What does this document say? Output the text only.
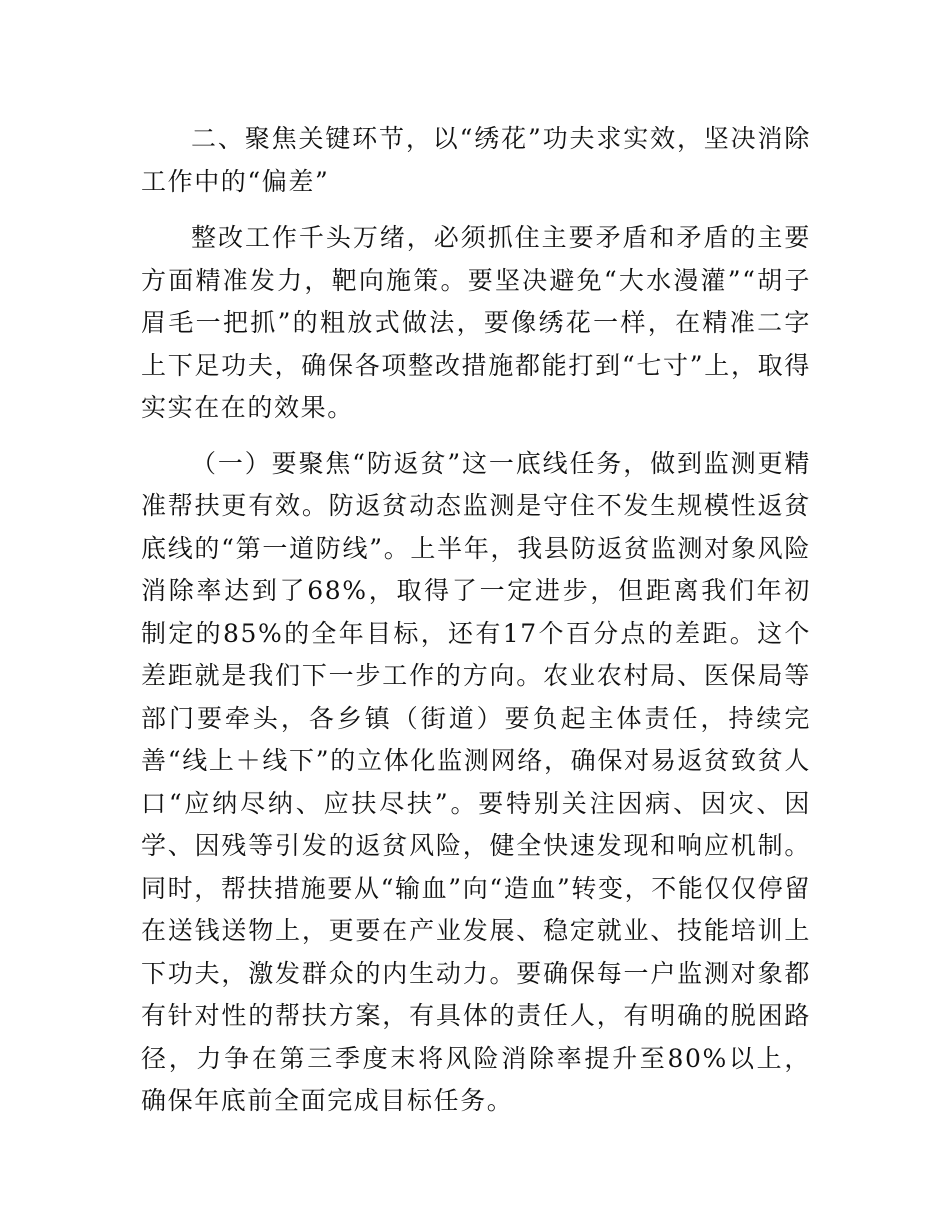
二、聚焦关键环节，以“绣花”功夫求实效，坚决消除工作中的“偏差”

整改工作千头万绪，必须抓住主要矛盾和矛盾的主要方面精准发力，靶向施策。要坚决避免“大水漫灌”“胡子眉毛一把抓”的粗放式做法，要像绣花一样，在精准二字上下足功夫，确保各项整改措施都能打到“七寸”上，取得实实在在的效果。

（一）要聚焦“防返贫”这一底线任务，做到监测更精准帮扶更有效。防返贫动态监测是守住不发生规模性返贫底线的“第一道防线”。上半年，我县防返贫监测对象风险消除率达到了68%，取得了一定进步，但距离我们年初制定的85%的全年目标，还有17个百分点的差距。这个差距就是我们下一步工作的方向。农业农村局、医保局等部门要牵头，各乡镇（街道）要负起主体责任，持续完善“线上＋线下”的立体化监测网络，确保对易返贫致贫人口“应纳尽纳、应扶尽扶”。要特别关注因病、因灾、因学、因残等引发的返贫风险，健全快速发现和响应机制。同时，帮扶措施要从“输血”向“造血”转变，不能仅仅停留在送钱送物上，更要在产业发展、稳定就业、技能培训上下功夫，激发群众的内生动力。要确保每一户监测对象都有针对性的帮扶方案，有具体的责任人，有明确的脱困路径，力争在第三季度末将风险消除率提升至80%以上，确保年底前全面完成目标任务。
